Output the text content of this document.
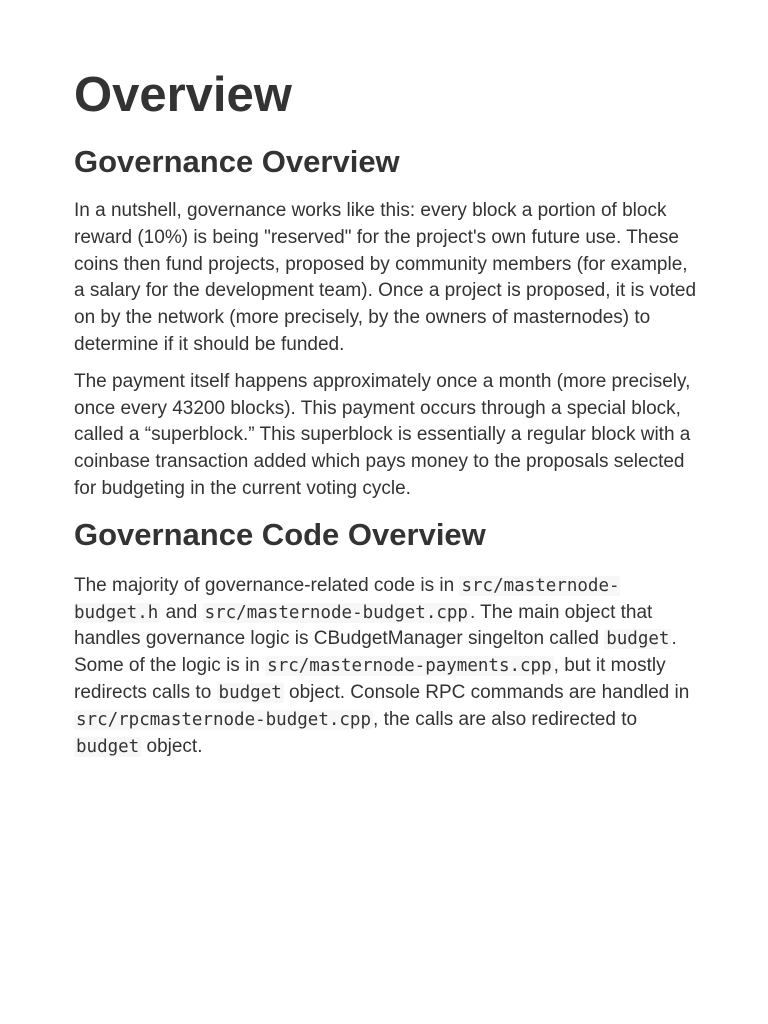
Overview
Governance Overview

In a nutshell, governance works like this: every block a portion of block reward (10%) is being "reserved" for the project's own future use. These coins then fund projects, proposed by community members (for example, a salary for the development team). Once a project is proposed, it is voted on by the network (more precisely, by the owners of masternodes) to determine if it should be funded.

The payment itself happens approximately once a month (more precisely, once every 43200 blocks). This payment occurs through a special block, called a “superblock.” This superblock is essentially a regular block with a coinbase transaction added which pays money to the proposals selected for budgeting in the current voting cycle.

Governance Code Overview

The majority of governance-related code is in src/masternode-budget.h and src/masternode-budget.cpp . The main object that handles governance logic is CBudgetManager singelton called budget . Some of the logic is in src/masternode-payments.cpp , but it mostly redirects calls to budget object. Console RPC commands are handled in src/rpcmasternode-budget.cpp , the calls are also redirected to budget object.
